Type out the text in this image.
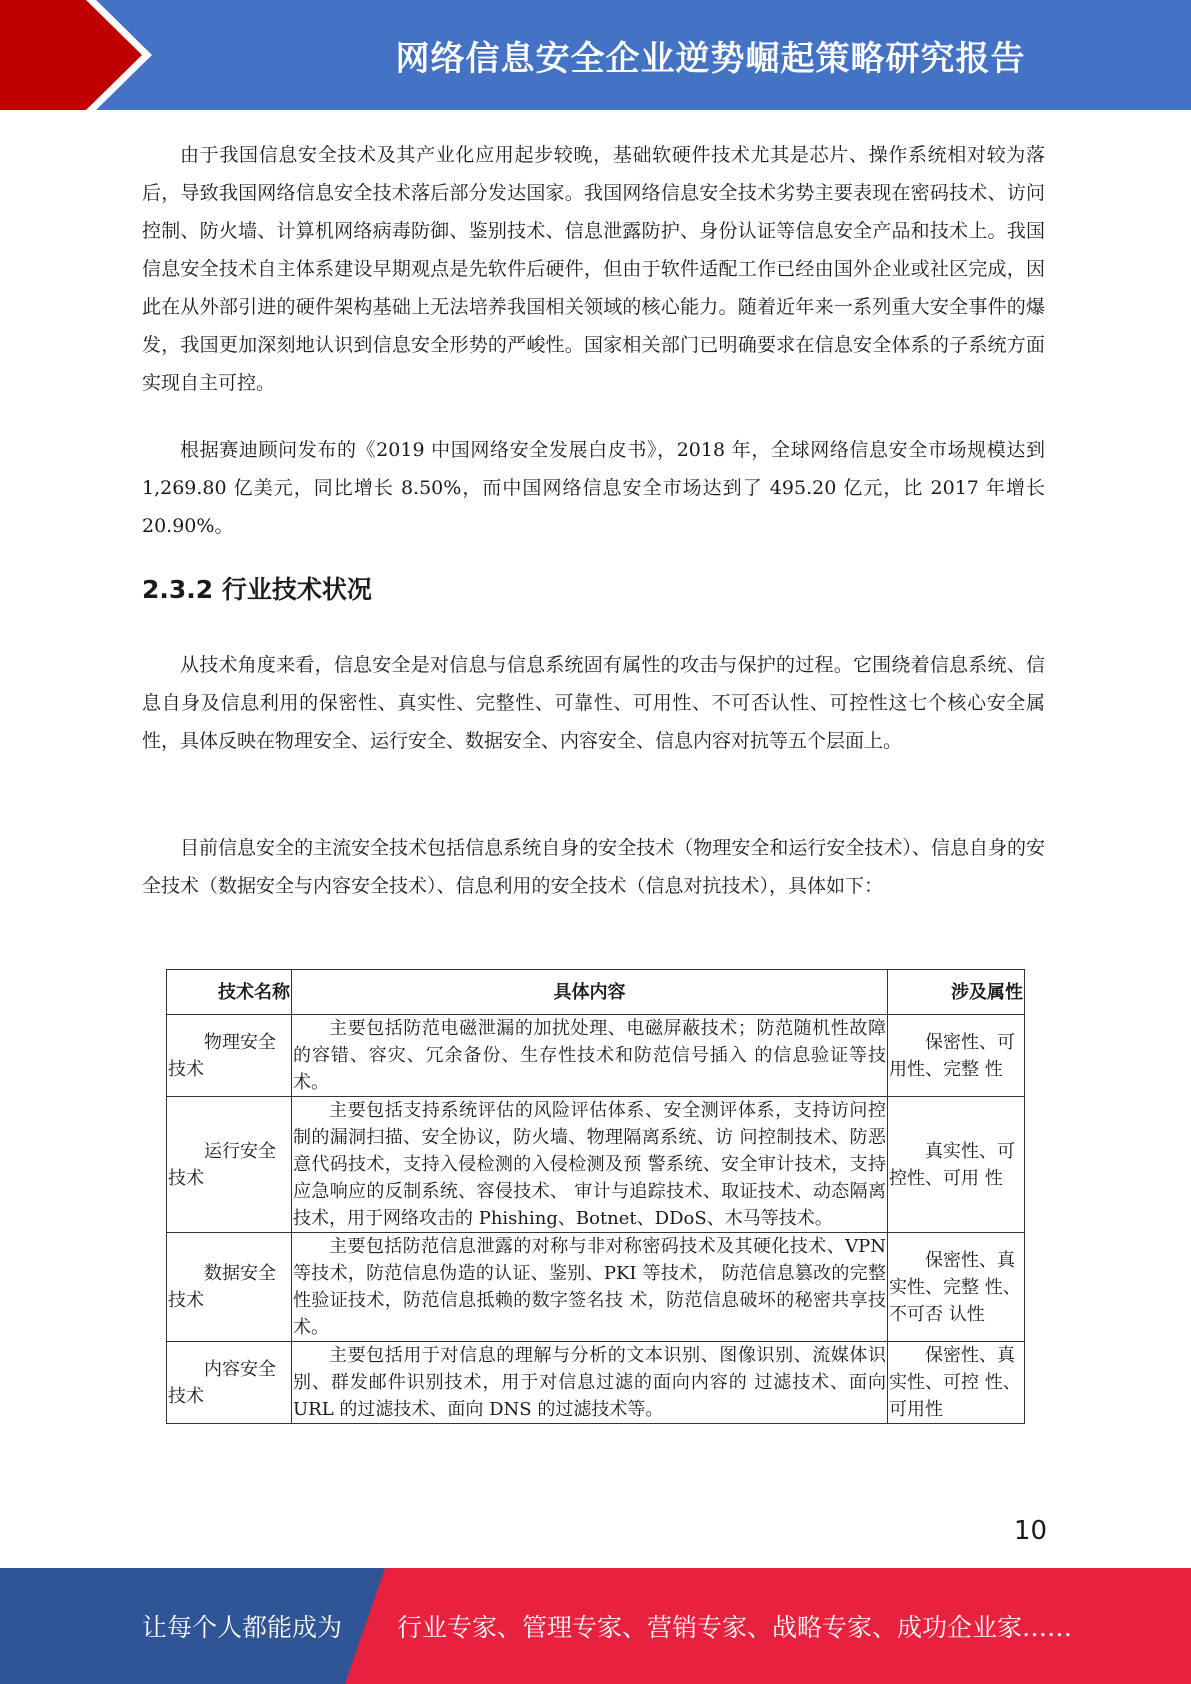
网络信息安全企业逆势崛起策略研究报告

由于我国信息安全技术及其产业化应用起步较晚，基础软硬件技术尤其是芯片、操作系统相对较为落后，导致我国网络信息安全技术落后部分发达国家。我国网络信息安全技术劣势主要表现在密码技术、访问控制、防火墙、计算机网络病毒防御、鉴别技术、信息泄露防护、身份认证等信息安全产品和技术上。我国信息安全技术自主体系建设早期观点是先软件后硬件，但由于软件适配工作已经由国外企业或社区完成，因此在从外部引进的硬件架构基础上无法培养我国相关领域的核心能力。随着近年来一系列重大安全事件的爆发，我国更加深刻地认识到信息安全形势的严峻性。国家相关部门已明确要求在信息安全体系的子系统方面实现自主可控。

根据赛迪顾问发布的《2019 中国网络安全发展白皮书》，2018 年，全球网络信息安全市场规模达到 1,269.80 亿美元，同比增长 8.50%，而中国网络信息安全市场达到了 495.20 亿元，比 2017 年增长 20.90%。

2.3.2 行业技术状况

从技术角度来看，信息安全是对信息与信息系统固有属性的攻击与保护的过程。它围绕着信息系统、信息自身及信息利用的保密性、真实性、完整性、可靠性、可用性、不可否认性、可控性这七个核心安全属性，具体反映在物理安全、运行安全、数据安全、内容安全、信息内容对抗等五个层面上。

目前信息安全的主流安全技术包括信息系统自身的安全技术（物理安全和运行安全技术）、信息自身的安全技术（数据安全与内容安全技术）、信息利用的安全技术（信息对抗技术），具体如下：

技术名称	具体内容	涉及属性
物理安全技术	主要包括防范电磁泄漏的加扰处理、电磁屏蔽技术；防范随机性故障的容错、容灾、冗余备份、生存性技术和防范信号插入 的信息验证等技术。	保密性、可用性、完整 性
运行安全技术	主要包括支持系统评估的风险评估体系、安全测评体系，支持访问控制的漏洞扫描、安全协议，防火墙、物理隔离系统、访 问控制技术、防恶意代码技术，支持入侵检测的入侵检测及预 警系统、安全审计技术，支持应急响应的反制系统、容侵技术、 审计与追踪技术、取证技术、动态隔离技术，用于网络攻击的 Phishing、Botnet、DDoS、木马等技术。	真实性、可控性、可用 性
数据安全技术	主要包括防范信息泄露的对称与非对称密码技术及其硬化技术、VPN 等技术，防范信息伪造的认证、鉴别、PKI 等技术， 防范信息篡改的完整性验证技术，防范信息抵赖的数字签名技 术，防范信息破坏的秘密共享技术。	保密性、真实性、完整 性、不可否 认性
内容安全技术	主要包括用于对信息的理解与分析的文本识别、图像识别、流媒体识别、群发邮件识别技术，用于对信息过滤的面向内容的 过滤技术、面向 URL 的过滤技术、面向 DNS 的过滤技术等。	保密性、真实性、可控 性、可用性
10
让每个人都能成为 行业专家、管理专家、营销专家、战略专家、成功企业家……
